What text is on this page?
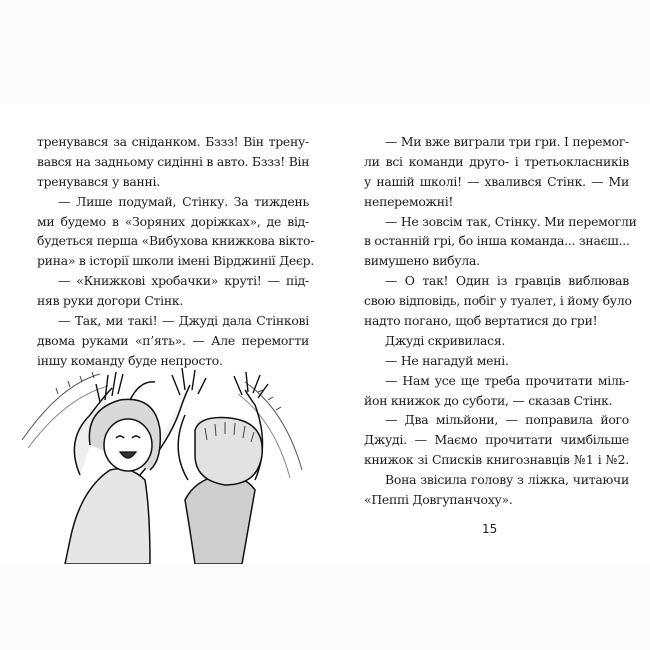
тренувався за сніданком. Бззз! Він трену-
вався на задньому сидінні в авто. Бззз! Він
тренувався у ванні.
— Лише подумай, Стінку. За тиждень
ми будемо в «Зоряних доріжках», де від-
будеться перша «Вибухова книжкова вікто-
рина» в історії школи імені Вірджинії Деєр.
— «Книжкові хробачки» круті! — під-
няв руки догори Стінк.
— Так, ми такі! — Джуді дала Стінкові
двома руками «п’ять». — Але перемогти
іншу команду буде непросто.
— Ми вже виграли три гри. І перемог-
ли всі команди друго- і третьокласників
у нашій школі! — хвалився Стінк. — Ми
непереможні!
— Не зовсім так, Стінку. Ми перемогли
в останній грі, бо інша команда... знаєш...
вимушено вибула.
— О так! Один із гравців виблював
свою відповідь, побіг у туалет, і йому було
надто погано, щоб вертатися до гри!
Джуді скривилася.
— Не нагадуй мені.
— Нам усе ще треба прочитати міль-
йон книжок до суботи, — сказав Стінк.
— Два мільйони, — поправила його
Джуді. — Маємо прочитати чимбільше
книжок зі Списків книгознавців №1 і №2.
Вона звісила голову з ліжка, читаючи
«Пеппі Довгупанчоху».
15
